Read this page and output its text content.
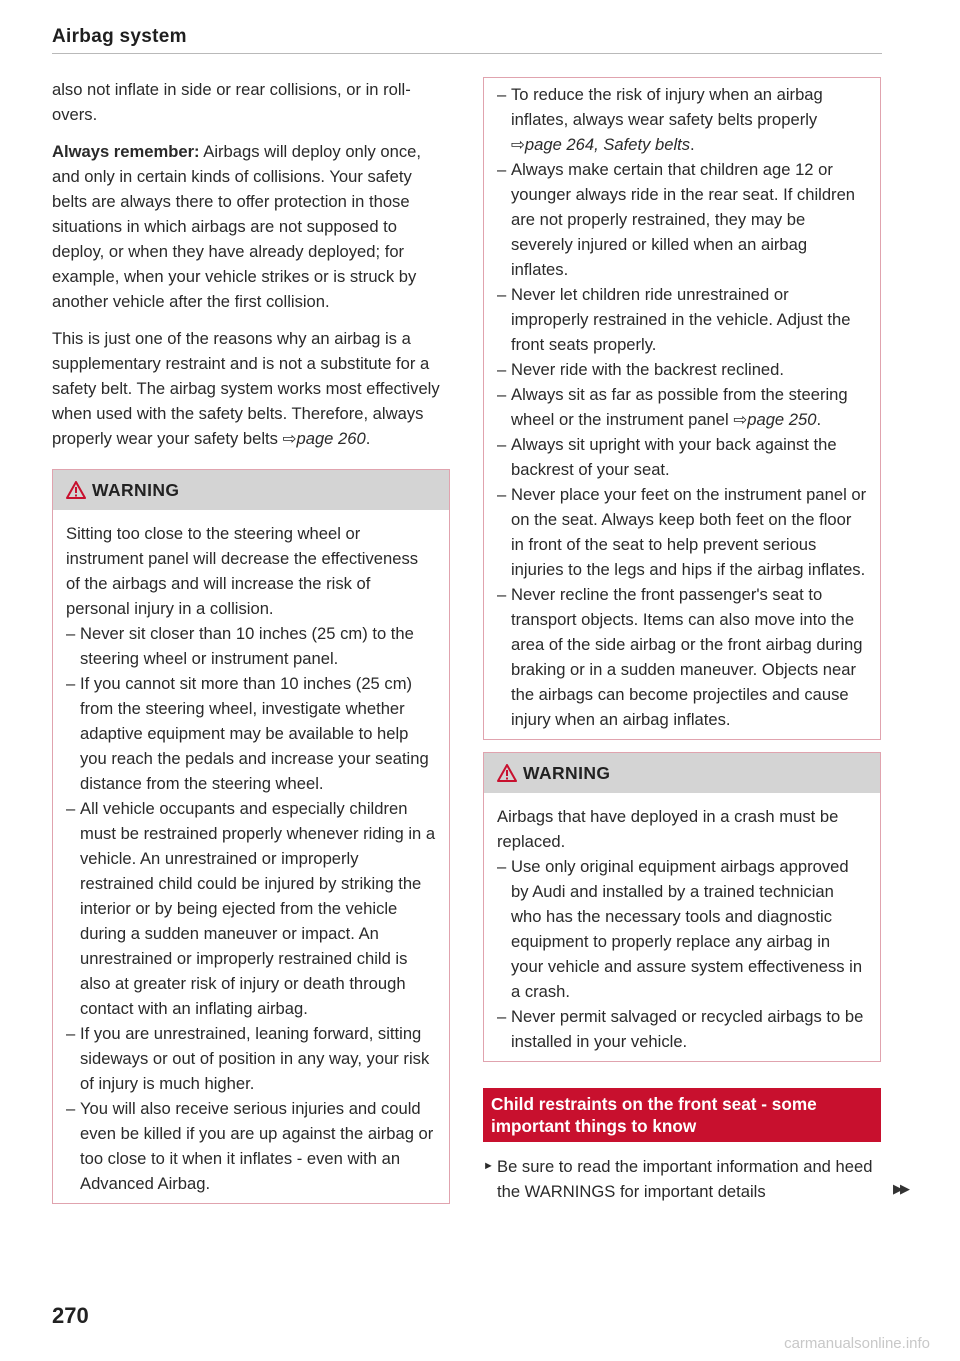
Airbag system

also not inflate in side or rear collisions, or in roll-overs.

Always remember: Airbags will deploy only once, and only in certain kinds of collisions. Your safety belts are always there to offer protection in those situations in which airbags are not supposed to deploy, or when they have already deployed; for example, when your vehicle strikes or is struck by another vehicle after the first collision.

This is just one of the reasons why an airbag is a supplementary restraint and is not a substitute for a safety belt. The airbag system works most effectively when used with the safety belts. Therefore, always properly wear your safety belts ⇨page 260.

WARNING

Sitting too close to the steering wheel or instrument panel will decrease the effectiveness of the airbags and will increase the risk of personal injury in a collision.

– Never sit closer than 10 inches (25 cm) to the steering wheel or instrument panel.
– If you cannot sit more than 10 inches (25 cm) from the steering wheel, investigate whether adaptive equipment may be available to help you reach the pedals and increase your seating distance from the steering wheel.
– All vehicle occupants and especially children must be restrained properly whenever riding in a vehicle. An unrestrained or improperly restrained child could be injured by striking the interior or by being ejected from the vehicle during a sudden maneuver or impact. An unrestrained or improperly restrained child is also at greater risk of injury or death through contact with an inflating airbag.
– If you are unrestrained, leaning forward, sitting sideways or out of position in any way, your risk of injury is much higher.
– You will also receive serious injuries and could even be killed if you are up against the airbag or too close to it when it inflates - even with an Advanced Airbag.
– To reduce the risk of injury when an airbag inflates, always wear safety belts properly ⇨page 264, Safety belts.
– Always make certain that children age 12 or younger always ride in the rear seat. If children are not properly restrained, they may be severely injured or killed when an airbag inflates.
– Never let children ride unrestrained or improperly restrained in the vehicle. Adjust the front seats properly.
– Never ride with the backrest reclined.
– Always sit as far as possible from the steering wheel or the instrument panel ⇨page 250.
– Always sit upright with your back against the backrest of your seat.
– Never place your feet on the instrument panel or on the seat. Always keep both feet on the floor in front of the seat to help prevent serious injuries to the legs and hips if the airbag inflates.
– Never recline the front passenger's seat to transport objects. Items can also move into the area of the side airbag or the front airbag during braking or in a sudden maneuver. Objects near the airbags can become projectiles and cause injury when an airbag inflates.
WARNING

Airbags that have deployed in a crash must be replaced.

– Use only original equipment airbags approved by Audi and installed by a trained technician who has the necessary tools and diagnostic equipment to properly replace any airbag in your vehicle and assure system effectiveness in a crash.
– Never permit salvaged or recycled airbags to be installed in your vehicle.
Child restraints on the front seat - some important things to know
► Be sure to read the important information and heed the WARNINGS for important details	▶▶
270
carmanualsonline.info
